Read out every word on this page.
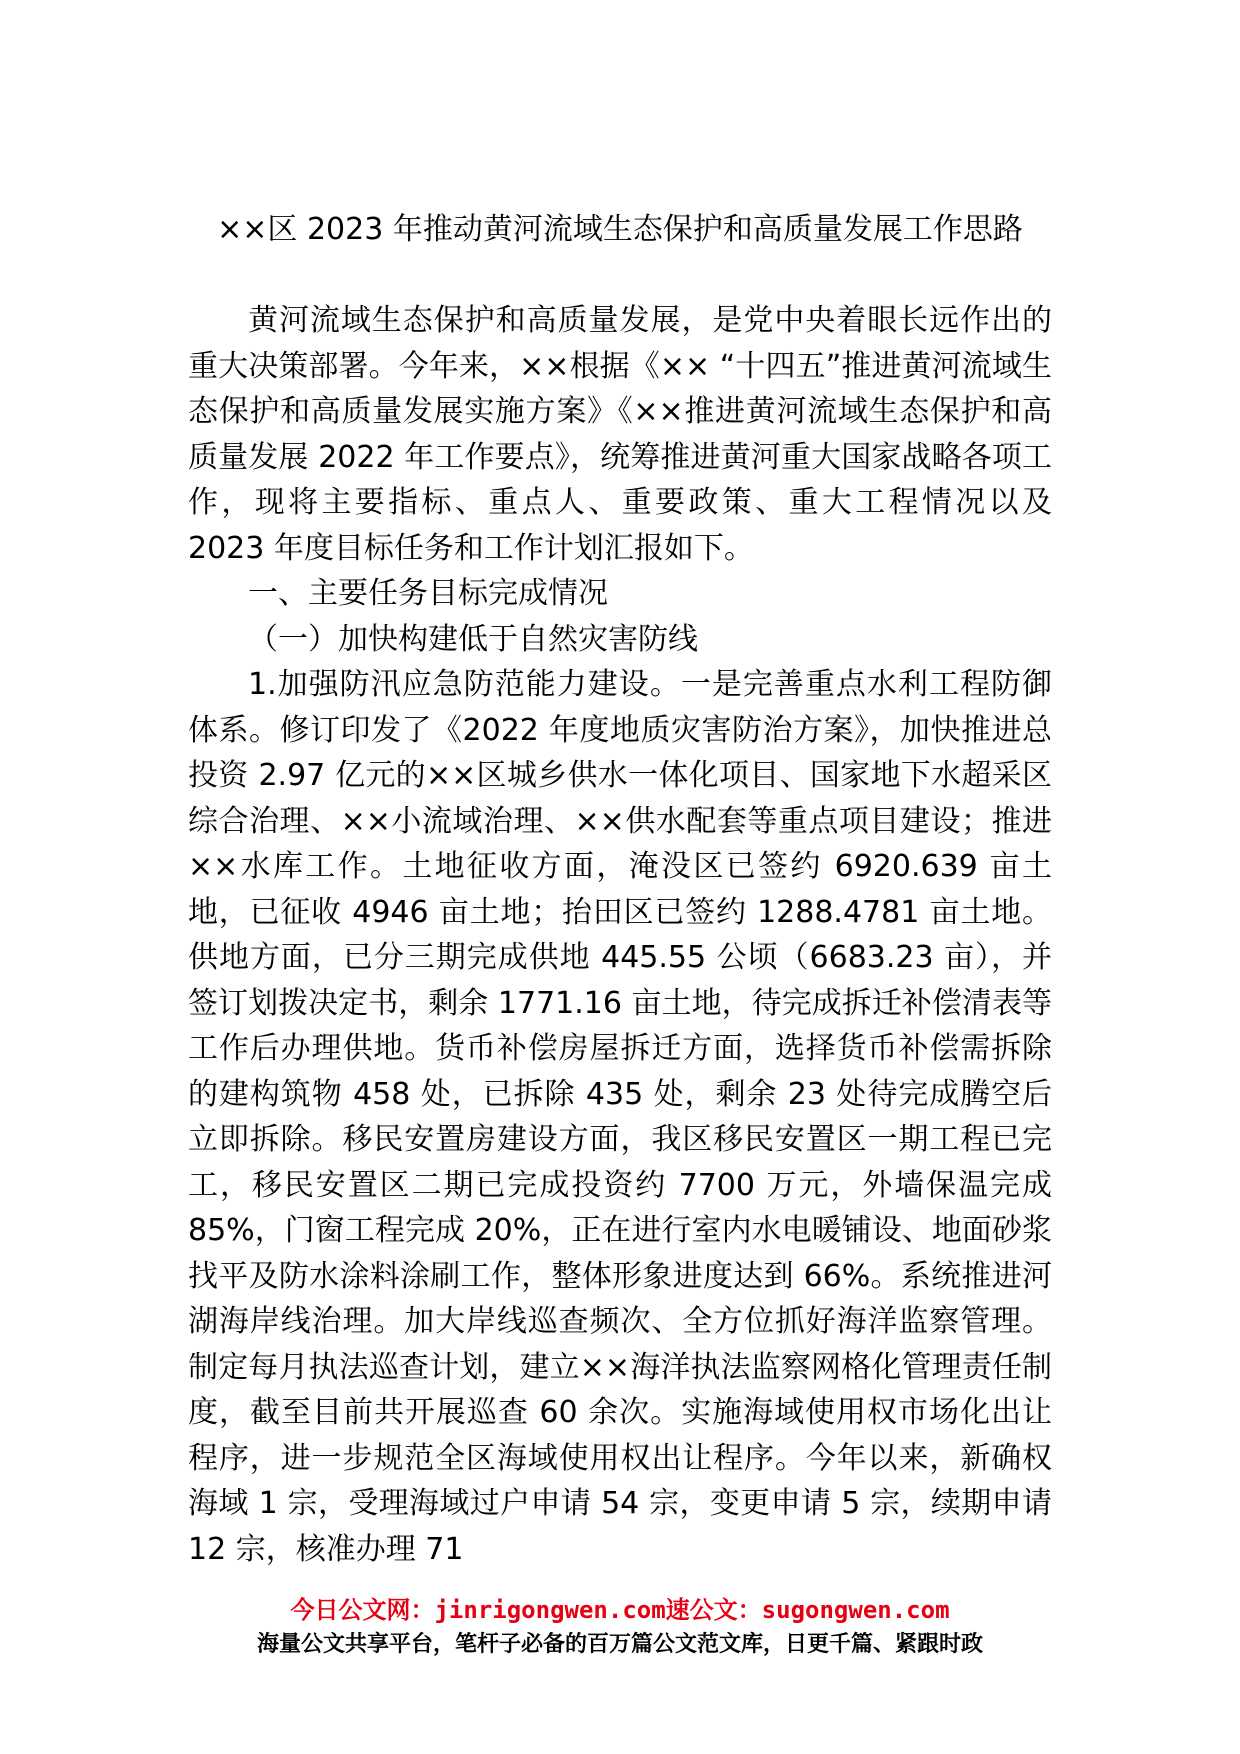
××区 2023 年推动黄河流域生态保护和高质量发展工作思路

黄河流域生态保护和高质量发展，是党中央着眼长远作出的重大决策部署。今年来，××根据《×× “十四五”推进黄河流域生态保护和高质量发展实施方案》《××推进黄河流域生态保护和高质量发展 2022 年工作要点》，统筹推进黄河重大国家战略各项工作，现将主要指标、重点人、重要政策、重大工程情况以及 2023 年度目标任务和工作计划汇报如下。

一、主要任务目标完成情况

（一）加快构建低于自然灾害防线

1.加强防汛应急防范能力建设。一是完善重点水利工程防御体系。修订印发了《2022 年度地质灾害防治方案》，加快推进总投资 2.97 亿元的××区城乡供水一体化项目、国家地下水超采区综合治理、××小流域治理、××供水配套等重点项目建设；推进××水库工作。土地征收方面，淹没区已签约 6920.639 亩土地，已征收 4946 亩土地；抬田区已签约 1288.4781 亩土地。供地方面，已分三期完成供地 445.55 公顷（6683.23 亩），并签订划拨决定书，剩余 1771.16 亩土地，待完成拆迁补偿清表等工作后办理供地。货币补偿房屋拆迁方面，选择货币补偿需拆除的建构筑物 458 处，已拆除 435 处，剩余 23 处待完成腾空后立即拆除。移民安置房建设方面，我区移民安置区一期工程已完工，移民安置区二期已完成投资约 7700 万元，外墙保温完成 85%，门窗工程完成 20%，正在进行室内水电暖铺设、地面砂浆找平及防水涂料涂刷工作，整体形象进度达到 66%。系统推进河湖海岸线治理。加大岸线巡查频次、全方位抓好海洋监察管理。制定每月执法巡查计划，建立××海洋执法监察网格化管理责任制度，截至目前共开展巡查 60 余次。实施海域使用权市场化出让程序，进一步规范全区海域使用权出让程序。今年以来，新确权海域 1 宗，受理海域过户申请 54 宗，变更申请 5 宗，续期申请 12 宗，核准办理 71

今日公文网：jinrigongwen.com速公文：sugongwen.com
海量公文共享平台，笔杆子必备的百万篇公文范文库，日更千篇、紧跟时政
